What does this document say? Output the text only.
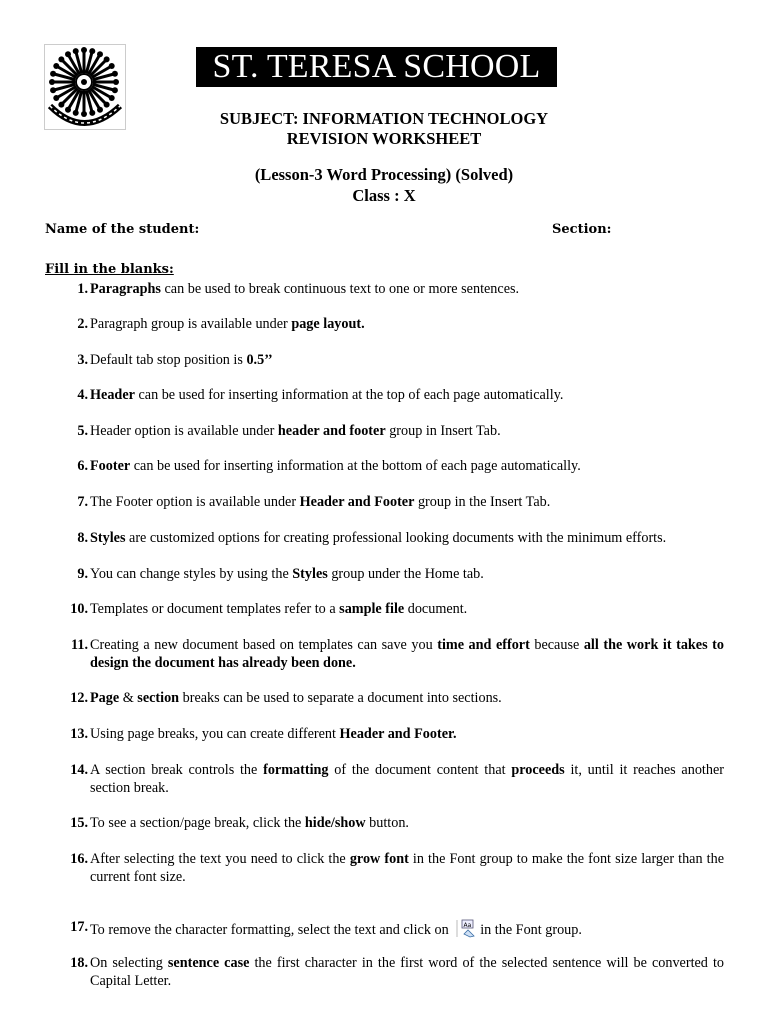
ST. TERESA SCHOOL
SUBJECT: INFORMATION TECHNOLOGY
REVISION WORKSHEET
(Lesson-3 Word Processing) (Solved)
Class : X
Name of the student:	Section:
Fill in the blanks:
1. Paragraphs can be used to break continuous text to one or more sentences.
2. Paragraph group is available under page layout.
3. Default tab stop position is 0.5’’
4. Header can be used for inserting information at the top of each page automatically.
5. Header option is available under header and footer group in Insert Tab.
6. Footer can be used for inserting information at the bottom of each page automatically.
7. The Footer option is available under Header and Footer group in the Insert Tab.
8. Styles are customized options for creating professional looking documents with the minimum efforts.
9. You can change styles by using the Styles group under the Home tab.
10. Templates or document templates refer to a sample file document.
11. Creating a new document based on templates can save you time and effort because all the work it takes to design the document has already been done.
12. Page & section breaks can be used to separate a document into sections.
13. Using page breaks, you can create different Header and Footer.
14. A section break controls the formatting of the document content that proceeds it, until it reaches another section break.
15. To see a section/page break, click the hide/show button.
16. After selecting the text you need to click the grow font in the Font group to make the font size larger than the current font size.
17. To remove the character formatting, select the text and click on Aa in the Font group.
18. On selecting sentence case the first character in the first word of the selected sentence will be converted to Capital Letter.
